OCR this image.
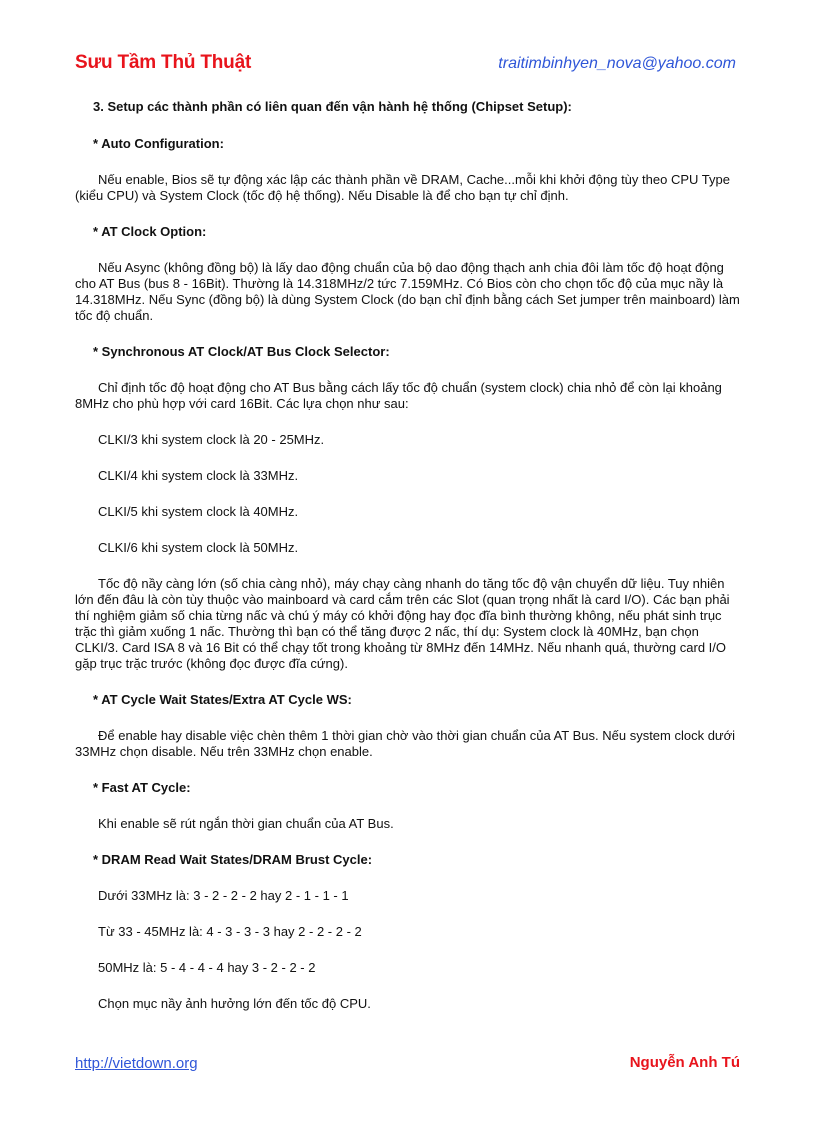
Sưu Tầm Thủ Thuật	traitimbinhyen_nova@yahoo.com

3. Setup các thành phần có liên quan đến vận hành hệ thống (Chipset Setup):

* Auto Configuration:

Nếu enable, Bios sẽ tự động xác lập các thành phần về DRAM, Cache...mỗi khi khởi động tùy theo CPU Type (kiểu CPU) và System Clock (tốc độ hệ thống). Nếu Disable là để cho bạn tự chỉ định.

* AT Clock Option:

Nếu Async (không đồng bộ) là lấy dao động chuẩn của bộ dao động thạch anh chia đôi làm tốc độ hoạt động cho AT Bus (bus 8 - 16Bit). Thường là 14.318MHz/2 tức 7.159MHz. Có Bios còn cho chọn tốc độ của mục nầy là 14.318MHz. Nếu Sync (đồng bộ) là dùng System Clock (do bạn chỉ định bằng cách Set jumper trên mainboard) làm tốc độ chuẩn.

* Synchronous AT Clock/AT Bus Clock Selector:

Chỉ định tốc độ hoạt động cho AT Bus bằng cách lấy tốc độ chuẩn (system clock) chia nhỏ để còn lại khoảng 8MHz cho phù hợp với card 16Bit. Các lựa chọn như sau:

CLKI/3 khi system clock là 20 - 25MHz.

CLKI/4 khi system clock là 33MHz.

CLKI/5 khi system clock là 40MHz.

CLKI/6 khi system clock là 50MHz.

Tốc độ nầy càng lớn (số chia càng nhỏ), máy chạy càng nhanh do tăng tốc độ vận chuyển dữ liệu. Tuy nhiên lớn đến đâu là còn tùy thuộc vào mainboard và card cắm trên các Slot (quan trọng nhất là card I/O). Các bạn phải thí nghiệm giảm số chia từng nấc và chú ý máy có khởi động hay đọc đĩa bình thường không, nếu phát sinh trục trặc thì giảm xuống 1 nấc. Thường thì bạn có thể tăng được 2 nấc, thí dụ: System clock là 40MHz, bạn chọn CLKI/3. Card ISA 8 và 16 Bit có thể chạy tốt trong khoảng từ 8MHz đến 14MHz. Nếu nhanh quá, thường card I/O gặp trục trặc trước (không đọc được đĩa cứng).

* AT Cycle Wait States/Extra AT Cycle WS:

Để enable hay disable việc chèn thêm 1 thời gian chờ vào thời gian chuẩn của AT Bus. Nếu system clock dưới 33MHz chọn disable. Nếu trên 33MHz chọn enable.

* Fast AT Cycle:

Khi enable sẽ rút ngắn thời gian chuẩn của AT Bus.

* DRAM Read Wait States/DRAM Brust Cycle:

Dưới 33MHz là: 3 - 2 - 2 - 2 hay 2 - 1 - 1 - 1

Từ 33 - 45MHz là: 4 - 3 - 3 - 3 hay 2 - 2 - 2 - 2

50MHz là: 5 - 4 - 4 - 4 hay 3 - 2 - 2 - 2

Chọn mục nầy ảnh hưởng lớn đến tốc độ CPU.

http://vietdown.org	Nguyễn Anh Tú
